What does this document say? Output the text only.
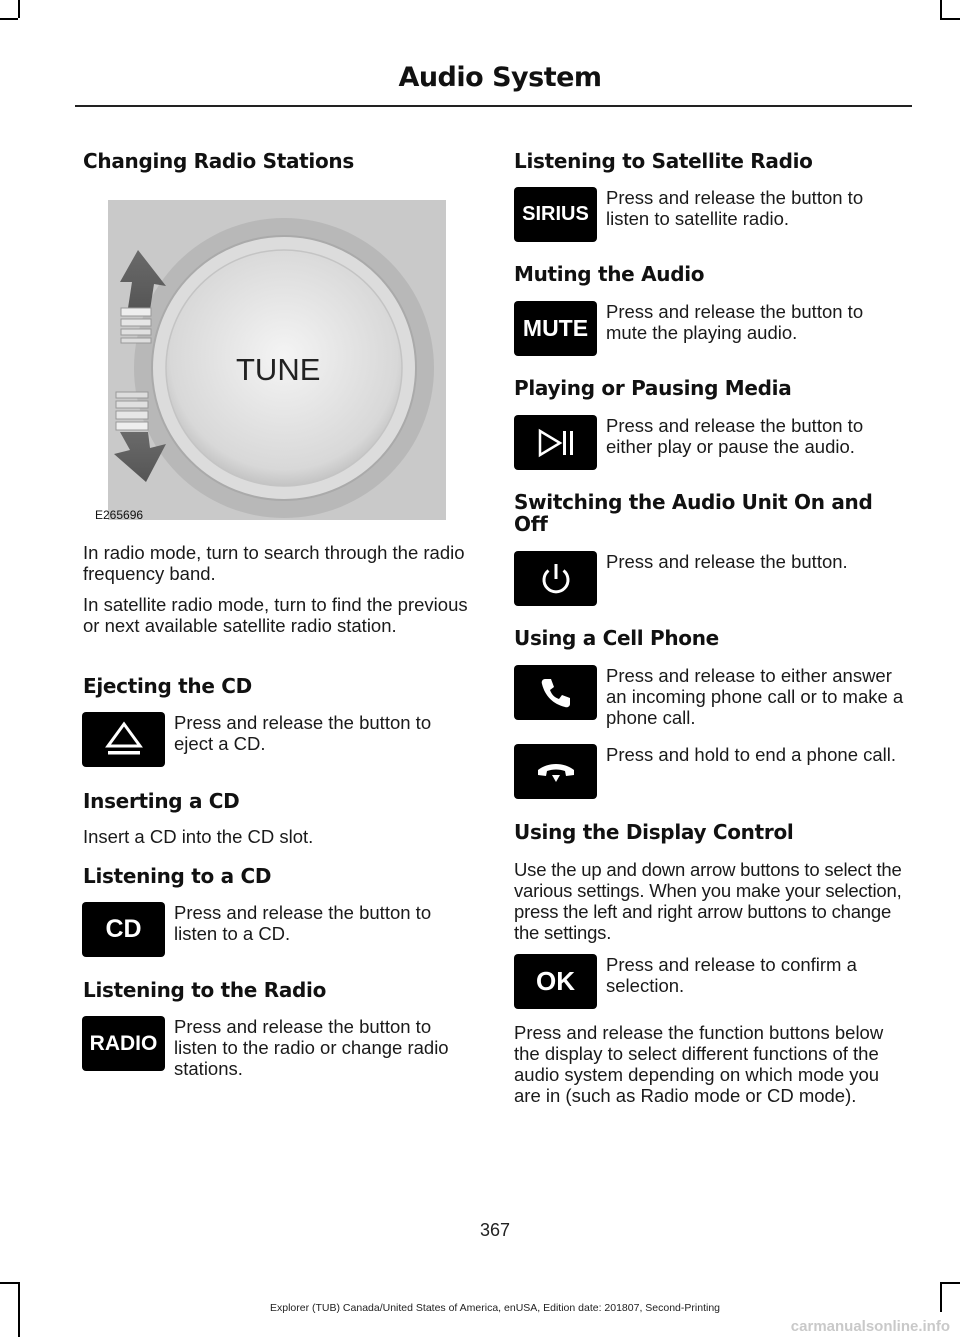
Audio System
Changing Radio Stations
TUNE
E265696
In radio mode, turn to search through the radio frequency band.
In satellite radio mode, turn to find the previous or next available satellite radio station.
Ejecting the CD
Press and release the button to eject a CD.
Inserting a CD
Insert a CD into the CD slot.
Listening to a CD
CD
Press and release the button to listen to a CD.
Listening to the Radio
RADIO
Press and release the button to listen to the radio or change radio stations.
Listening to Satellite Radio
SIRIUS
Press and release the button to listen to satellite radio.
Muting the Audio
MUTE
Press and release the button to mute the playing audio.
Playing or Pausing Media
Press and release the button to either play or pause the audio.
Switching the Audio Unit On and Off
Press and release the button.
Using a Cell Phone
Press and release to either answer an incoming phone call or to make a phone call.
Press and hold to end a phone call.
Using the Display Control
Use the up and down arrow buttons to select the various settings. When you make your selection, press the left and right arrow buttons to change the settings.
OK
Press and release to confirm a selection.
Press and release the function buttons below the display to select different functions of the audio system depending on which mode you are in (such as Radio mode or CD mode).
367
Explorer (TUB) Canada/United States of America, enUSA, Edition date: 201807, Second-Printing
carmanualsonline.info
